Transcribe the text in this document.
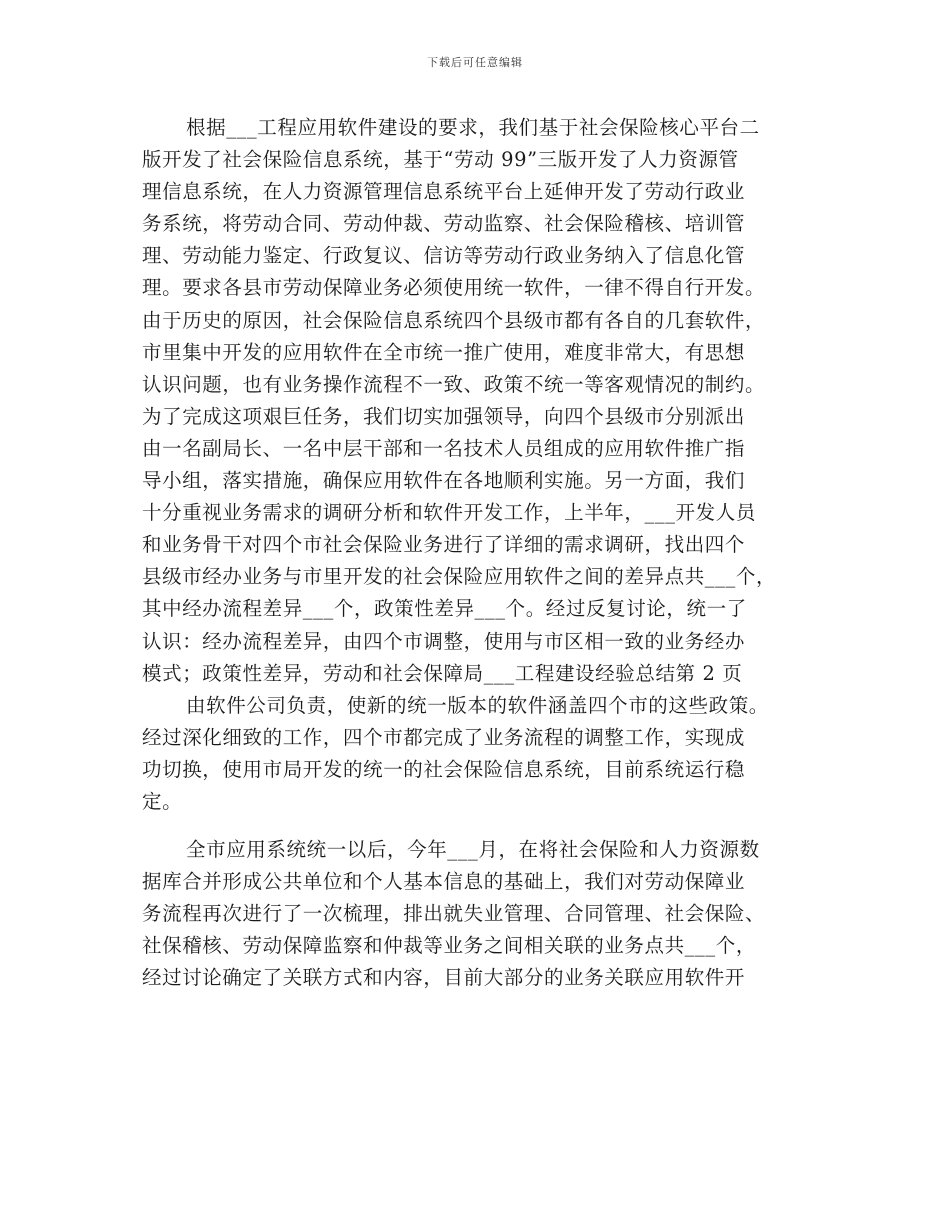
下载后可任意编辑
根据___工程应用软件建设的要求，我们基于社会保险核心平台二
版开发了社会保险信息系统，基于“劳动 99”三版开发了人力资源管
理信息系统，在人力资源管理信息系统平台上延伸开发了劳动行政业
务系统，将劳动合同、劳动仲裁、劳动监察、社会保险稽核、培训管
理、劳动能力鉴定、行政复议、信访等劳动行政业务纳入了信息化管
理。要求各县市劳动保障业务必须使用统一软件，一律不得自行开发。
由于历史的原因，社会保险信息系统四个县级市都有各自的几套软件，
市里集中开发的应用软件在全市统一推广使用，难度非常大，有思想
认识问题，也有业务操作流程不一致、政策不统一等客观情况的制约。
为了完成这项艰巨任务，我们切实加强领导，向四个县级市分别派出
由一名副局长、一名中层干部和一名技术人员组成的应用软件推广指
导小组，落实措施，确保应用软件在各地顺利实施。另一方面，我们
十分重视业务需求的调研分析和软件开发工作，上半年，___开发人员
和业务骨干对四个市社会保险业务进行了详细的需求调研，找出四个
县级市经办业务与市里开发的社会保险应用软件之间的差异点共___个，
其中经办流程差异___个，政策性差异___个。经过反复讨论，统一了
认识：经办流程差异，由四个市调整，使用与市区相一致的业务经办
模式；政策性差异，劳动和社会保障局___工程建设经验总结第 2 页
由软件公司负责，使新的统一版本的软件涵盖四个市的这些政策。
经过深化细致的工作，四个市都完成了业务流程的调整工作，实现成
功切换，使用市局开发的统一的社会保险信息系统，目前系统运行稳
定。
全市应用系统统一以后，今年___月，在将社会保险和人力资源数
据库合并形成公共单位和个人基本信息的基础上，我们对劳动保障业
务流程再次进行了一次梳理，排出就失业管理、合同管理、社会保险、
社保稽核、劳动保障监察和仲裁等业务之间相关联的业务点共___个，
经过讨论确定了关联方式和内容，目前大部分的业务关联应用软件开
